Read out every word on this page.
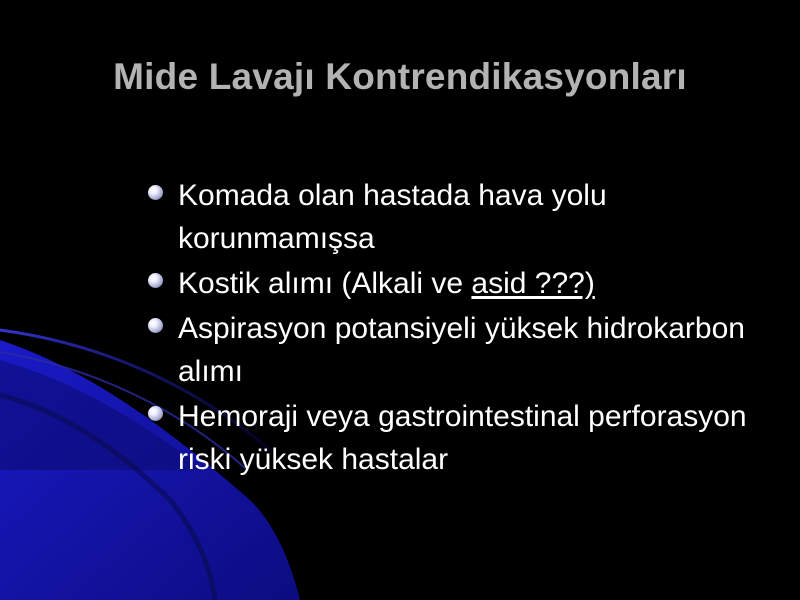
Mide Lavajı Kontrendikasyonları
Komada olan hastada hava yolu korunmamışsa
Kostik alımı (Alkali ve asid ???)
Aspirasyon potansiyeli yüksek hidrokarbon alımı
Hemoraji veya gastrointestinal perforasyon riski yüksek hastalar
